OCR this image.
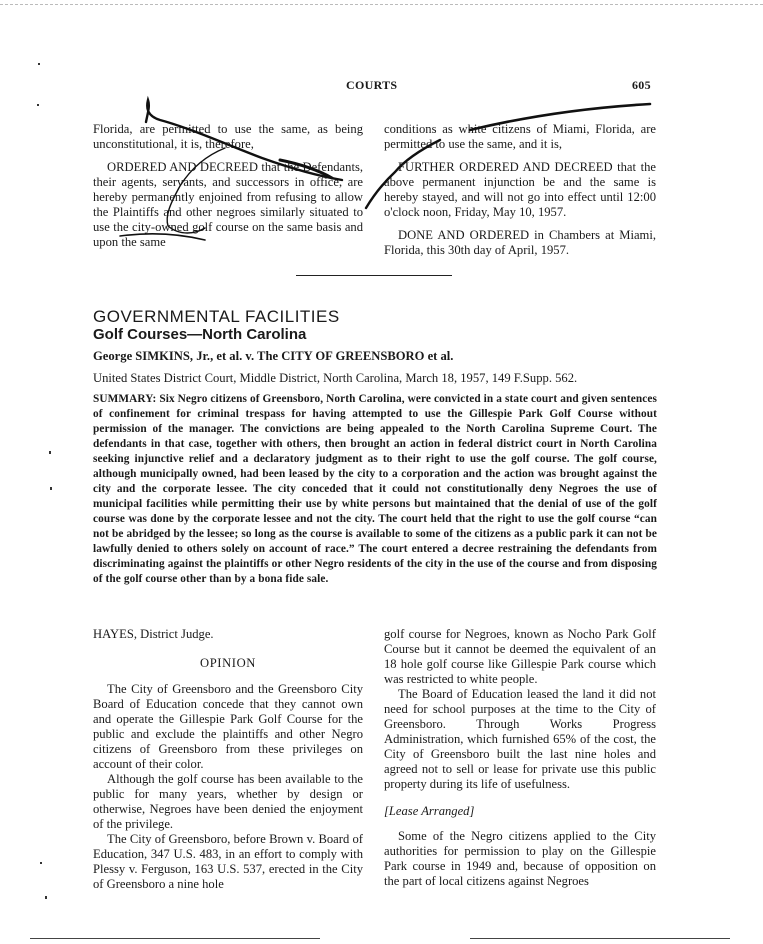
COURTS	605

Florida, are permitted to use the same, as being unconstitutional, it is, therefore,

ORDERED AND DECREED that the Defendants, their agents, servants, and successors in office, are hereby permanently enjoined from refusing to allow the Plaintiffs and other negroes similarly situated to use the city-owned golf course on the same basis and upon the same

conditions as white citizens of Miami, Florida, are permitted to use the same, and it is,

FURTHER ORDERED AND DECREED that the above permanent injunction be and the same is hereby stayed, and will not go into effect until 12:00 o'clock noon, Friday, May 10, 1957.

DONE AND ORDERED in Chambers at Miami, Florida, this 30th day of April, 1957.

GOVERNMENTAL FACILITIES
Golf Courses—North Carolina
George SIMKINS, Jr., et al. v. The CITY OF GREENSBORO et al.
United States District Court, Middle District, North Carolina, March 18, 1957, 149 F.Supp. 562.
SUMMARY: Six Negro citizens of Greensboro, North Carolina, were convicted in a state court and given sentences of confinement for criminal trespass for having attempted to use the Gillespie Park Golf Course without permission of the manager. The convictions are being appealed to the North Carolina Supreme Court. The defendants in that case, together with others, then brought an action in federal district court in North Carolina seeking injunctive relief and a declaratory judgment as to their right to use the golf course. The golf course, although municipally owned, had been leased by the city to a corporation and the action was brought against the city and the corporate lessee. The city conceded that it could not constitutionally deny Negroes the use of municipal facilities while permitting their use by white persons but maintained that the denial of use of the golf course was done by the corporate lessee and not the city. The court held that the right to use the golf course “can not be abridged by the lessee; so long as the course is available to some of the citizens as a public park it can not be lawfully denied to others solely on account of race.” The court entered a decree restraining the defendants from discriminating against the plaintiffs or other Negro residents of the city in the use of the course and from disposing of the golf course other than by a bona fide sale.

HAYES, District Judge.

OPINION

The City of Greensboro and the Greensboro City Board of Education concede that they cannot own and operate the Gillespie Park Golf Course for the public and exclude the plaintiffs and other Negro citizens of Greensboro from these privileges on account of their color.

Although the golf course has been available to the public for many years, whether by design or otherwise, Negroes have been denied the enjoyment of the privilege.

The City of Greensboro, before Brown v. Board of Education, 347 U.S. 483, in an effort to comply with Plessy v. Ferguson, 163 U.S. 537, erected in the City of Greensboro a nine hole

golf course for Negroes, known as Nocho Park Golf Course but it cannot be deemed the equivalent of an 18 hole golf course like Gillespie Park course which was restricted to white people.

The Board of Education leased the land it did not need for school purposes at the time to the City of Greensboro. Through Works Progress Administration, which furnished 65% of the cost, the City of Greensboro built the last nine holes and agreed not to sell or lease for private use this public property during its life of usefulness.

[Lease Arranged]

Some of the Negro citizens applied to the City authorities for permission to play on the Gillespie Park course in 1949 and, because of opposition on the part of local citizens against Negroes
